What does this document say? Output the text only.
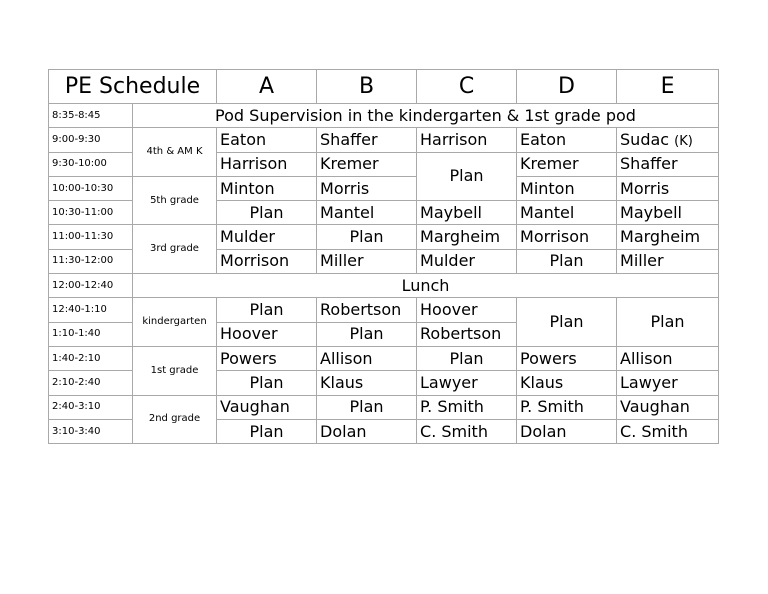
PE Schedule		A	B	C	D	E
8:35-8:45	Pod Supervision in the kindergarten & 1st grade pod					
9:00-9:30	4th & AM K	Eaton	Shaffer	Harrison	Eaton	Sudac (K)
9:30-10:00		Harrison	Kremer	Plan	Kremer	Shaffer
10:00-10:30	5th grade	Minton	Morris		Minton	Morris
10:30-11:00		Plan	Mantel	Maybell	Mantel	Maybell
11:00-11:30	3rd grade	Mulder	Plan	Margheim	Morrison	Margheim
11:30-12:00		Morrison	Miller	Mulder	Plan	Miller
12:00-12:40	Lunch					
12:40-1:10	kindergarten	Plan	Robertson	Hoover	Plan	Plan
1:10-1:40		Hoover	Plan	Robertson		
1:40-2:10	1st grade	Powers	Allison	Plan	Powers	Allison
2:10-2:40		Plan	Klaus	Lawyer	Klaus	Lawyer
2:40-3:10	2nd grade	Vaughan	Plan	P. Smith	P. Smith	Vaughan
3:10-3:40		Plan	Dolan	C. Smith	Dolan	C. Smith
